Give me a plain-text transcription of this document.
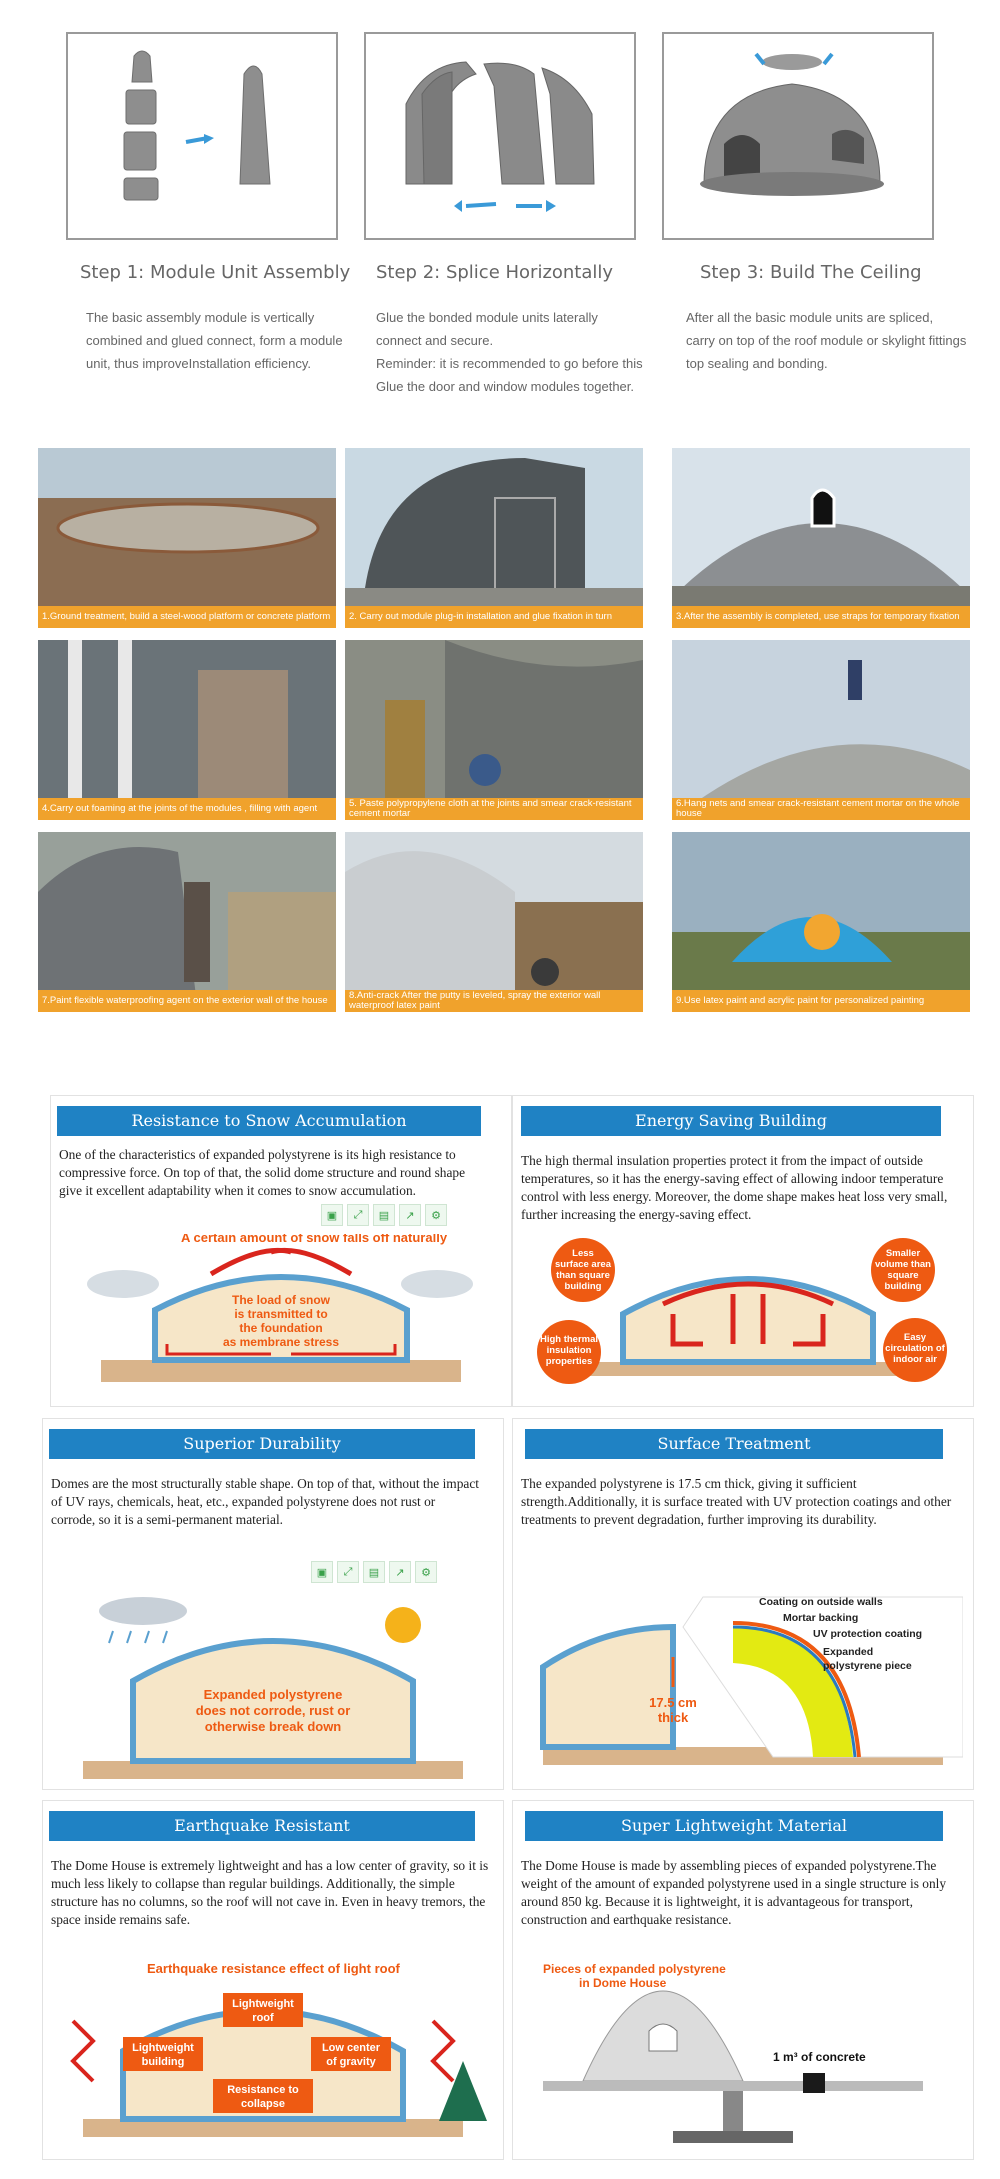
Step 1: Module Unit Assembly Step 2: Splice Horizontally	Step 3: Build The Ceiling

The basic assembly module is vertically

combined and glued connect, form a module

unit, thus improveInstallation efficiency.

Glue the bonded module units laterally

connect and secure.

Reminder: it is recommended to go before this

Glue the door and window modules together.

After all the basic module units are spliced,

carry on top of the roof module or skylight fittings

top sealing and bonding.

1.Ground treatment, build a steel-wood platform or concrete platform	2. Carry out module plug-in installation and glue fixation in turn	3.After the assembly is completed, use straps for temporary fixation
4.Carry out foaming at the joints of the modules , filling with agent	5. Paste polypropylene cloth at the joints and smear crack-resistant cement mortar
6.Hang nets and smear crack-resistant cement mortar on the whole house
7.Paint flexible waterproofing agent on the exterior wall of the house	8.Anti-crack After the putty is leveled, spray the exterior wall waterproof latex paint	9.Use latex paint and acrylic paint for personalized painting
Resistance to Snow Accumulation
One of the characteristics of expanded polystyrene is its high resistance to compressive force. On top of that, the solid dome structure and round shape give it excellent adaptability when it comes to snow accumulation.
▣	⤢	▤	↗	⚙
A certain amount of snow falls off naturally
The load of snow
is transmitted to
the foundation
as membrane stress
Energy Saving Building
The high thermal insulation properties protect it from the impact of outside temperatures, so it has the energy-saving effect of allowing indoor temperature control with less energy. Moreover, the dome shape makes heat loss very small, further increasing the energy-saving effect.
Less
surface area
than square
building
Smaller
volume than
square
building
High thermal
insulation
properties
Easy
circulation of
indoor air
Superior Durability
Domes are the most structurally stable shape. On top of that, without the impact of UV rays, chemicals, heat, etc., expanded polystyrene does not rust or corrode, so it is a semi-permanent material.
▣	⤢	▤	↗	⚙
Expanded polystyrene
does not corrode, rust or
otherwise break down
Surface Treatment
The expanded polystyrene is 17.5 cm thick, giving it sufficient strength.Additionally, it is surface treated with UV protection coatings and other treatments to prevent degradation, further improving its durability.
17.5 cm
thick
Coating on outside walls
Mortar backing
UV protection coating
Expanded
polystyrene piece
Earthquake Resistant
The Dome House is extremely lightweight and has a low center of gravity, so it is much less likely to collapse than regular buildings. Additionally, the simple structure has no columns, so the roof will not cave in. Even in heavy tremors, the space inside remains safe.
Lightweight
roof
Lightweight
building
Low center
of gravity
Resistance to
collapse
Earthquake resistance effect of light roof
Super Lightweight Material
The Dome House is made by assembling pieces of expanded polystyrene.The weight of the amount of expanded polystyrene used in a single structure is only around 850 kg. Because it is lightweight, it is advantageous for transport, construction and earthquake resistance.
Pieces of expanded polystyrene
in Dome House
1 m³ of concrete
